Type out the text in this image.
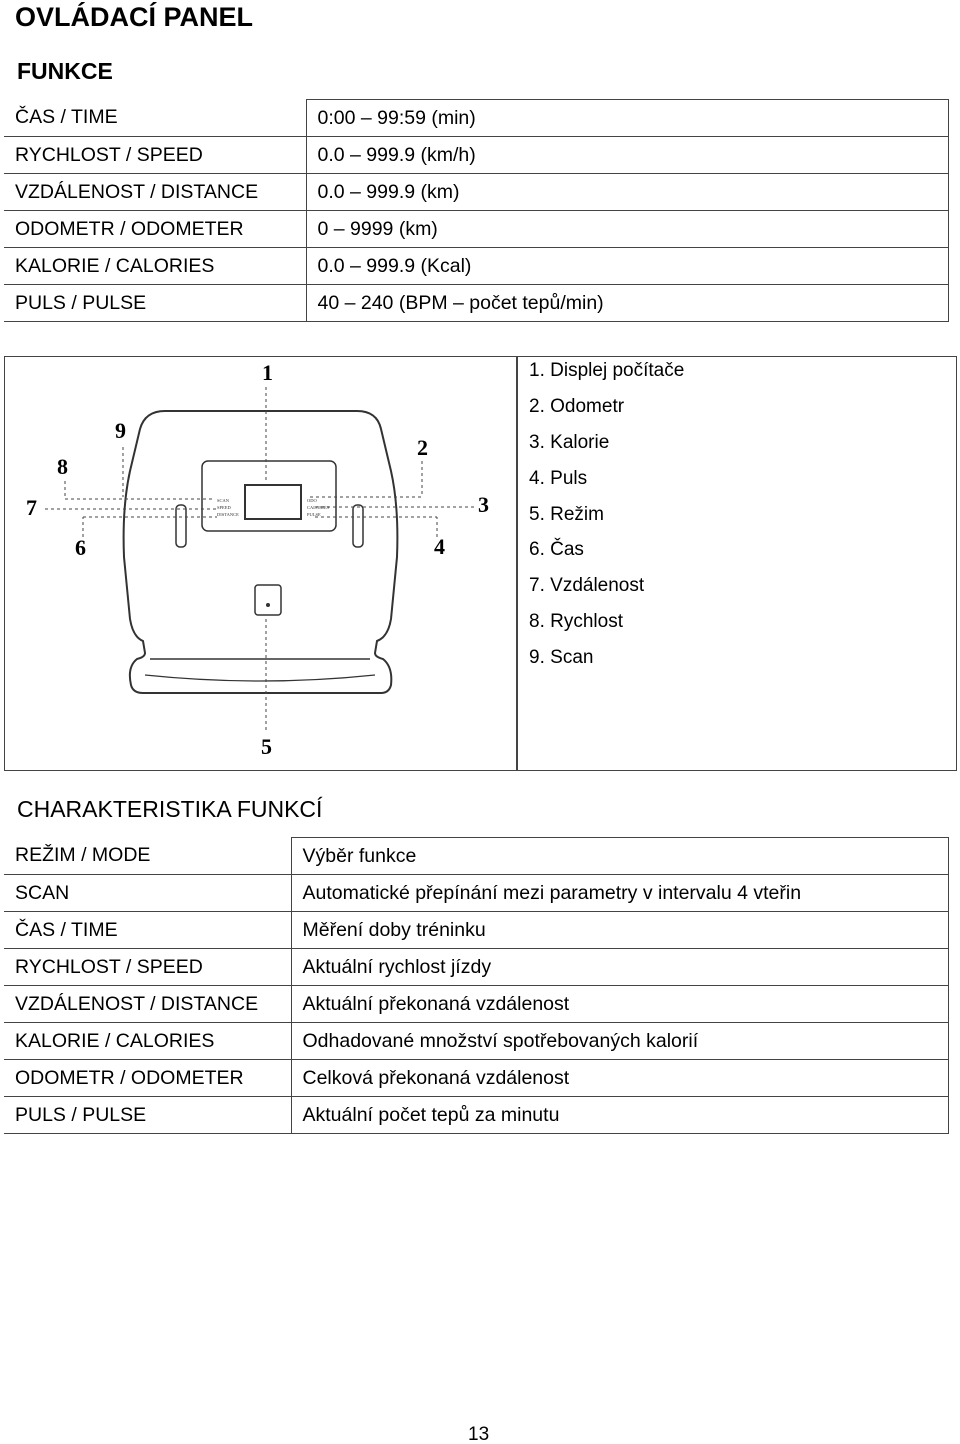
OVLÁDACÍ PANEL
FUNKCE
ČAS / TIME	0:00 – 99:59 (min)
RYCHLOST / SPEED	0.0 – 999.9 (km/h)
VZDÁLENOST / DISTANCE	0.0 – 999.9 (km)
ODOMETR / ODOMETER	0 – 9999 (km)
KALORIE / CALORIES	0.0 – 999.9 (Kcal)
PULS / PULSE	40 – 240 (BPM – počet tepů/min)
1
2
3
4
5
6
7
8
9
SCAN
SPEED
DISTANCE
ODO
CALORIES
PULSE
1. Displej počítače
2. Odometr
3. Kalorie
4. Puls
5. Režim
6. Čas
7. Vzdálenost
8. Rychlost
9. Scan
CHARAKTERISTIKA FUNKCÍ
REŽIM / MODE	Výběr funkce
SCAN	Automatické přepínání mezi parametry v intervalu 4 vteřin
ČAS / TIME	Měření doby tréninku
RYCHLOST / SPEED	Aktuální rychlost jízdy
VZDÁLENOST / DISTANCE	Aktuální překonaná vzdálenost
KALORIE / CALORIES	Odhadované množství spotřebovaných kalorií
ODOMETR / ODOMETER	Celková překonaná vzdálenost
PULS / PULSE	Aktuální počet tepů za minutu
13
